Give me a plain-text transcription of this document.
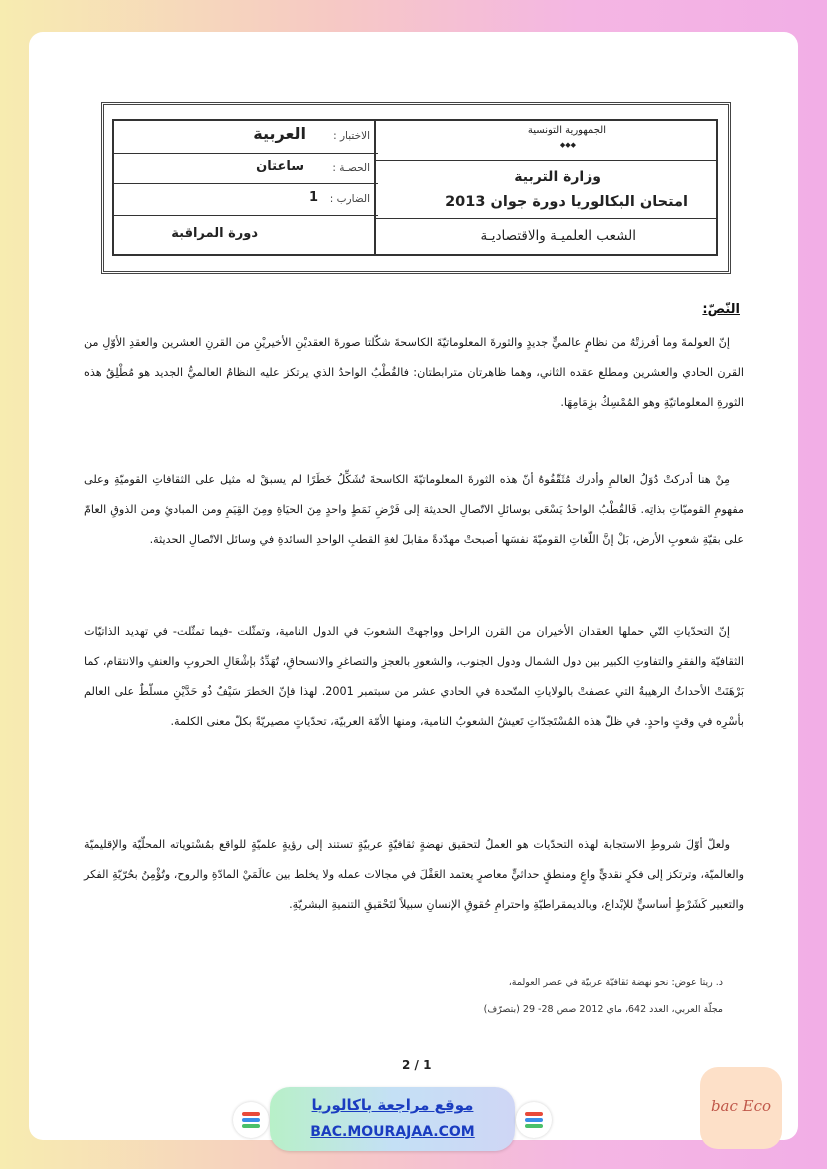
الجمهورية التونسية
◆◆◆
وزارة التربية
امتحان البكالوريا دورة جوان 2013
الشعب العلميـة والاقتصاديـة
الاختبار :
العربية
الحصـة :
ساعتان
الضارب :
1
دورة المراقبة
النّصّ:
إنّ العولمةَ وما أفرزتْهُ من نظامٍ عالميٍّ جديدٍ والثورةَ المعلوماتيّةَ الكاسحةَ شكّلتا صورةَ العقديْنِ الأخيريْنِ من القرنِ العشرين والعقدِ الأوّلِ من القرن الحادي والعشرين ومطلع عقده الثاني، وهما ظاهرتان مترابطتان: فالقُطْبُ الواحدُ الذي يرتكز عليه النظامُ العالميُّ الجديد هو مُطْلِقُ هذه الثورةِ المعلوماتيّةِ وهو المُمْسِكُ بزِمَامِهَا.
مِنْ هنا أدركتْ دُوَلُ العالمِ وأدرك مُثَقّفُوهُ أنّ هذه الثورةَ المعلوماتيّةَ الكاسحةَ تُشَكِّلُ خَطَرًا لم يسبقْ له مثيل على الثقافاتِ القوميّةِ وعلى مفهومِ القوميّاتِ بذاتِه. فَالقُطْبُ الواحدُ يَسْعَى بوسائلِ الاتّصالِ الحديثة إلى فَرْضِ نَمَطٍ واحدٍ مِنَ الحيَاةِ ومِنَ القِيَمِ ومن المبادئِ ومن الذوقِ العامّ على بقيّةِ شعوبِ الأرض، بَلْ إنَّ اللّغاتِ القوميّةَ نفسَها أصبحتْ مهدّدةً مقابلَ لغةِ القطبِ الواحدِ السائدةِ في وسائل الاتّصالِ الحديثة.
إنّ التحدّياتِ التّي حملها العقدان الأخيران من القرن الراحل وواجهتْ الشعوبَ في الدول النامية، وتمثّلت -فيما تمثّلت- في تهديد الذاتيّات الثقافيّة والفقرِ والتفاوتِ الكبير بين دول الشمال ودول الجنوب، والشعورِ بالعجزِ والتصاغرِ والانسحاقِ، تُهَدِّدُ بإشْعَالِ الحروبِ والعنفِ والانتقام، كما بَرْهَنَتْ الأحداثُ الرهيبةُ التي عصفتْ بالولاياتِ المتّحدة في الحادي عشر من سبتمبر 2001. لهذا فإنّ الخطرَ سَيْفٌ ذُو حَدَّيْنِ مسلّطٌ على العالم بأسْرِه في وقتٍ واحدٍ. في ظلّ هذه المُسْتَجدّاتِ تَعيشُ الشعوبُ النامية، ومنها الأمّة العربيّة، تحدّياتٍ مصيريّةً بكلّ معنى الكلمة.
ولعلّ أوّلَ شروطِ الاستجابة لهذه التحدّيات هو العملُ لتحقيق نهضةٍ ثقافيّةٍ عربيّةٍ تستند إلى رؤيةٍ علميّةٍ للواقع بمُسْتوياته المحلّيّة والإقليميّة والعالميّة، وترتكز إلى فكرٍ نقديٍّ واعٍ ومنطقٍ حداثيٍّ معاصرٍ يعتمد العَقْلَ في مجالات عمله ولا يخلط بين عالَمَيْ المادّةِ والروح، وتُؤْمِنُ بحُرّيّةِ الفكر والتعبير كَشَرْطٍ أساسيٍّ للإبْداع، وبالديمقراطيّةِ واحترامِ حُقوقِ الإنسانِ سبيلاً لتَحْقيقِ التنميةِ البشريّةِ.
د. ريتا عوض: نحو نهضة ثقافيّة عربيّة في عصر العولمة،
مجلّة العربي، العدد 642، ماي 2012 صص 28- 29 (بتصرّف)
2 / 1
موقع مراجعة باكالوريا
BAC.MOURAJAA.COM
bac Eco
